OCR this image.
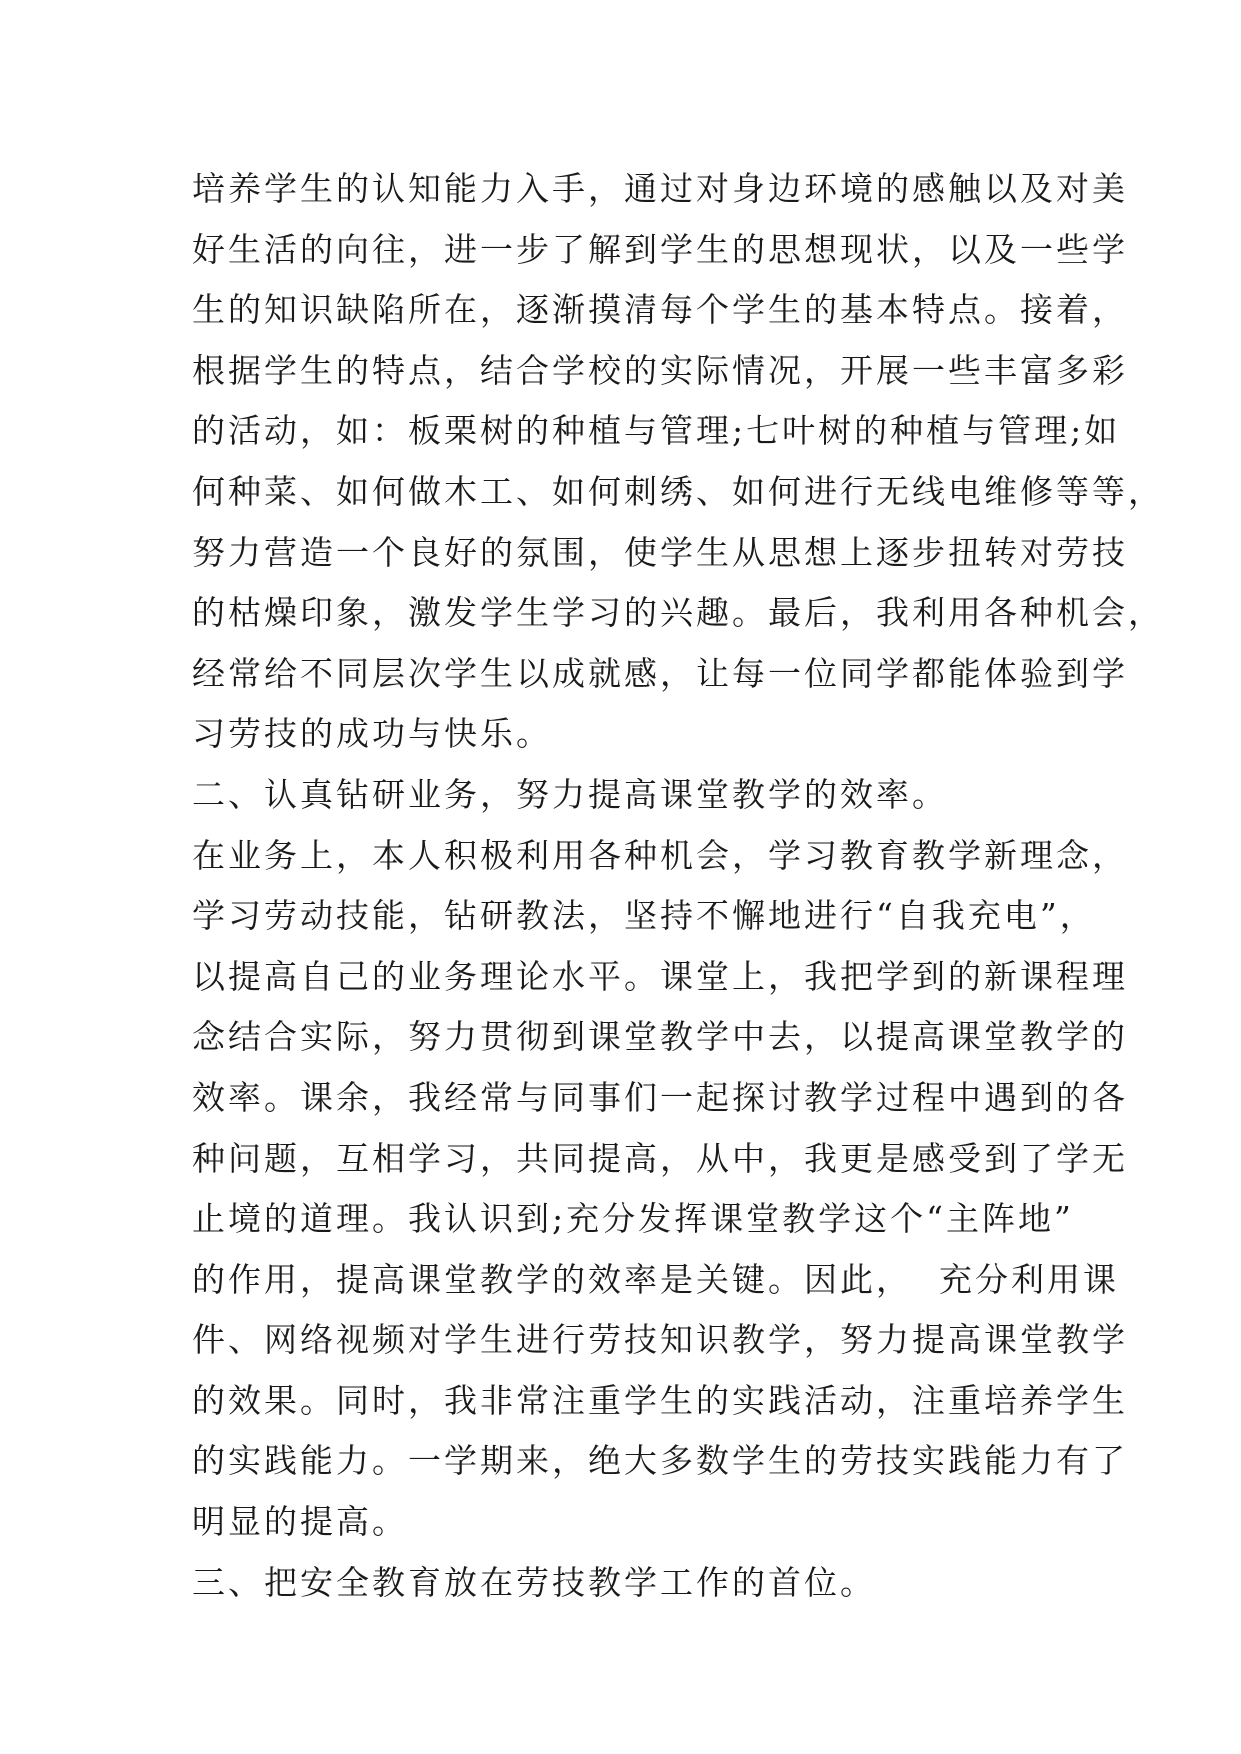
培养学生的认知能力入手，通过对身边环境的感触以及对美
好生活的向往，进一步了解到学生的思想现状，以及一些学
生的知识缺陷所在，逐渐摸清每个学生的基本特点。接着，
根据学生的特点，结合学校的实际情况，开展一些丰富多彩
的活动，如：板栗树的种植与管理;七叶树的种植与管理;如
何种菜、如何做木工、如何刺绣、如何进行无线电维修等等，
努力营造一个良好的氛围，使学生从思想上逐步扭转对劳技
的枯燥印象，激发学生学习的兴趣。最后，我利用各种机会，
经常给不同层次学生以成就感，让每一位同学都能体验到学
习劳技的成功与快乐。
二、认真钻研业务，努力提高课堂教学的效率。
在业务上，本人积极利用各种机会，学习教育教学新理念，
学习劳动技能，钻研教法，坚持不懈地进行“自我充电”，
以提高自己的业务理论水平。课堂上，我把学到的新课程理
念结合实际，努力贯彻到课堂教学中去，以提高课堂教学的
效率。课余，我经常与同事们一起探讨教学过程中遇到的各
种问题，互相学习，共同提高，从中，我更是感受到了学无
止境的道理。我认识到;充分发挥课堂教学这个“主阵地”
的作用，提高课堂教学的效率是关键。因此，  充分利用课
件、网络视频对学生进行劳技知识教学，努力提高课堂教学
的效果。同时，我非常注重学生的实践活动，注重培养学生
的实践能力。一学期来，绝大多数学生的劳技实践能力有了
明显的提高。
三、把安全教育放在劳技教学工作的首位。
